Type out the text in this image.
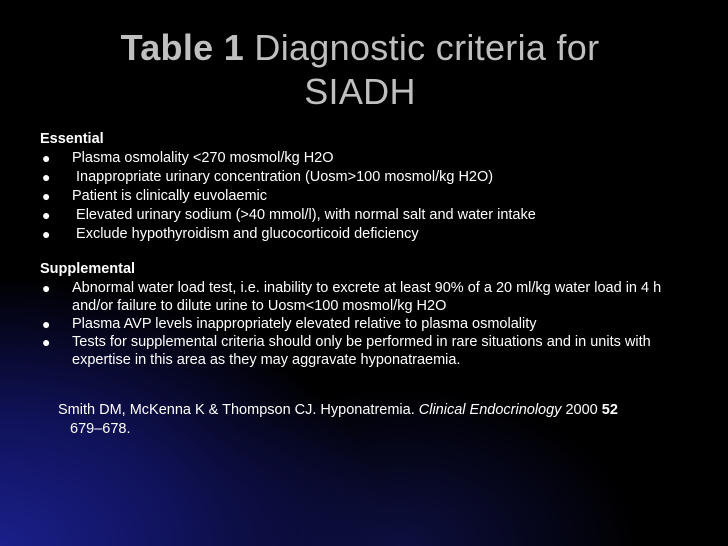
Table 1 Diagnostic criteria for SIADH

Essential

● Plasma osmolality <270 mosmol/kg H2O
● Inappropriate urinary concentration (Uosm>100 mosmol/kg H2O)
● Patient is clinically euvolaemic
● Elevated urinary sodium (>40 mmol/l), with normal salt and water intake
● Exclude hypothyroidism and glucocorticoid deficiency

Supplemental

● Abnormal water load test, i.e. inability to excrete at least 90% of a 20 ml/kg water load in 4 h and/or failure to dilute urine to Uosm<100 mosmol/kg H2O
● Plasma AVP levels inappropriately elevated relative to plasma osmolality
● Tests for supplemental criteria should only be performed in rare situations and in units with expertise in this area as they may aggravate hyponatraemia.
Smith DM, McKenna K & Thompson CJ. Hyponatremia. Clinical Endocrinology 2000 52
679–678.
